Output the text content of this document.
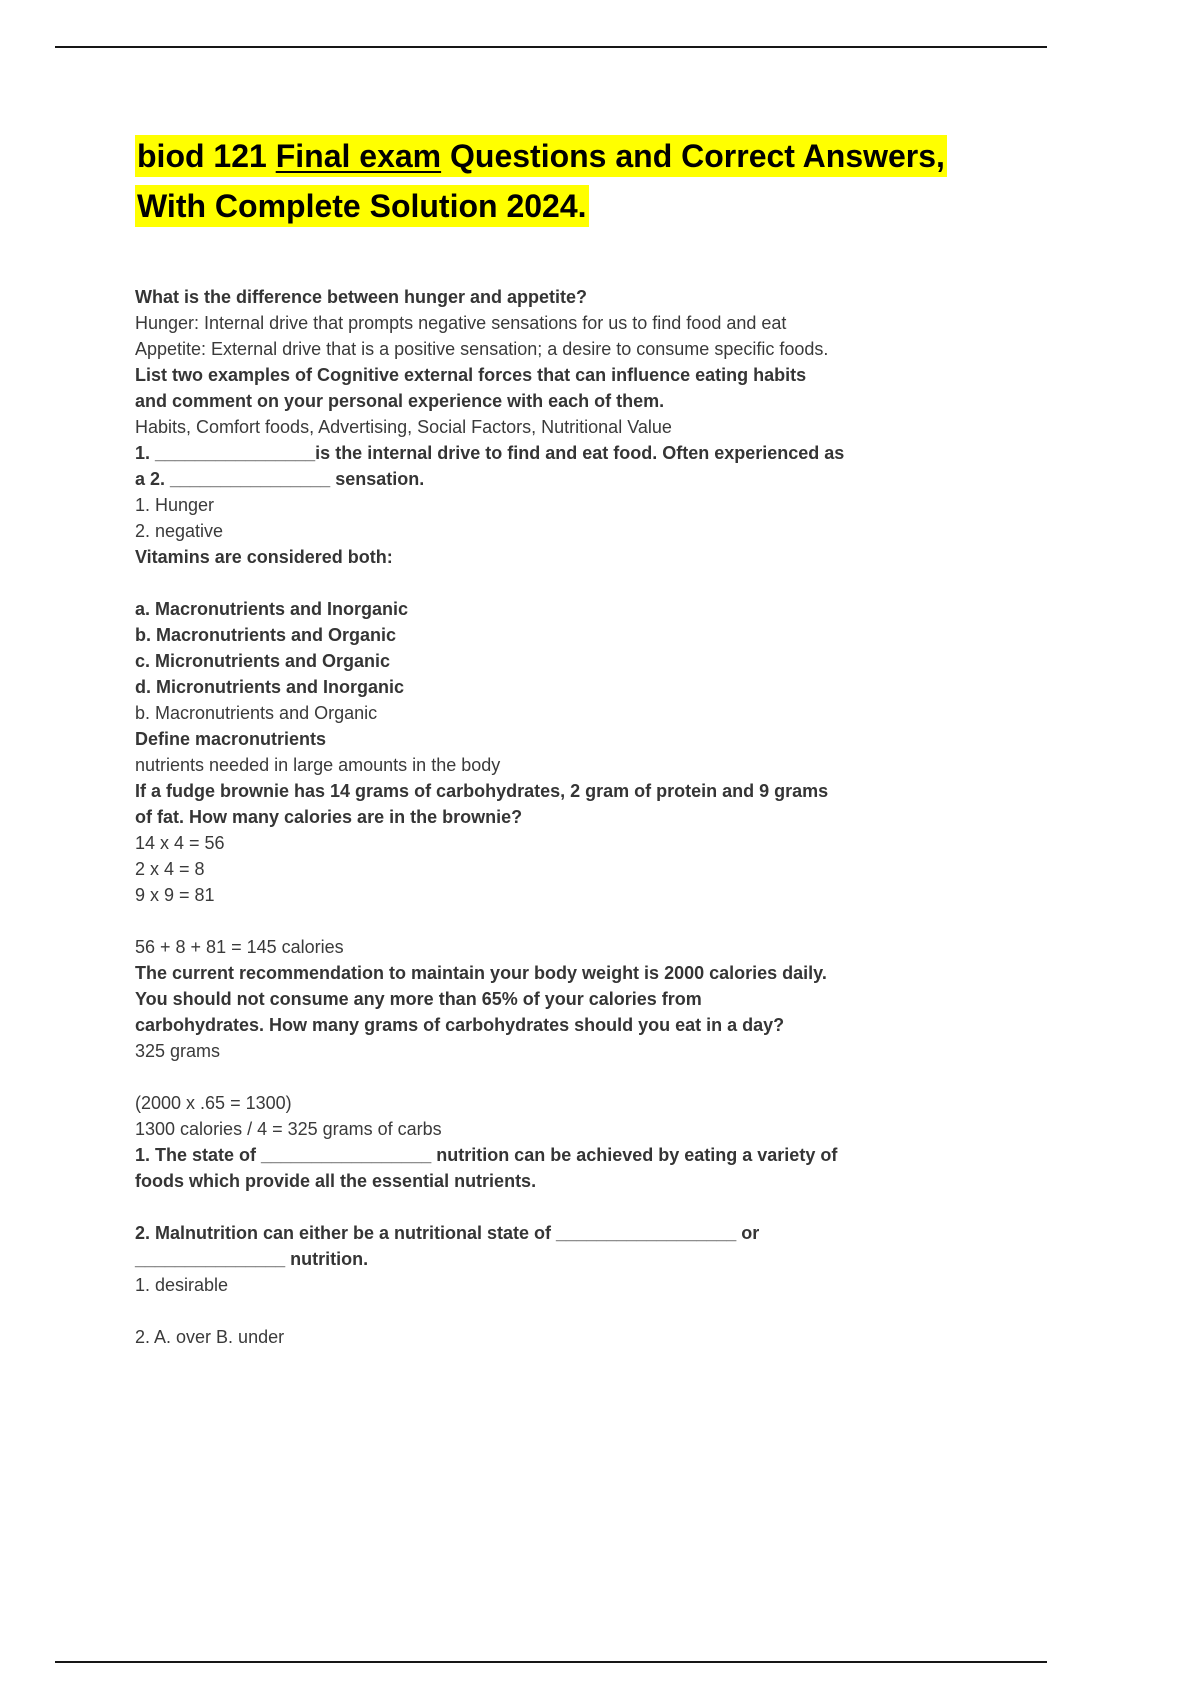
biod 121 Final exam Questions and Correct Answers, With Complete Solution 2024.

What is the difference between hunger and appetite?

Hunger: Internal drive that prompts negative sensations for us to find food and eat

Appetite: External drive that is a positive sensation; a desire to consume specific foods.

List two examples of Cognitive external forces that can influence eating habits

and comment on your personal experience with each of them.

Habits, Comfort foods, Advertising, Social Factors, Nutritional Value

1. ________________is the internal drive to find and eat food. Often experienced as

a 2. ________________ sensation.

1. Hunger

2. negative

Vitamins are considered both:

a. Macronutrients and Inorganic

b. Macronutrients and Organic

c. Micronutrients and Organic

d. Micronutrients and Inorganic

b. Macronutrients and Organic

Define macronutrients

nutrients needed in large amounts in the body

If a fudge brownie has 14 grams of carbohydrates, 2 gram of protein and 9 grams

of fat. How many calories are in the brownie?

14 x 4 = 56

2 x 4 = 8

9 x 9 = 81

56 + 8 + 81 = 145 calories

The current recommendation to maintain your body weight is 2000 calories daily.

You should not consume any more than 65% of your calories from

carbohydrates. How many grams of carbohydrates should you eat in a day?

325 grams

(2000 x .65 = 1300)

1300 calories / 4 = 325 grams of carbs

1. The state of _________________ nutrition can be achieved by eating a variety of

foods which provide all the essential nutrients.

2. Malnutrition can either be a nutritional state of __________________ or

_______________ nutrition.

1. desirable

2. A. over B. under
